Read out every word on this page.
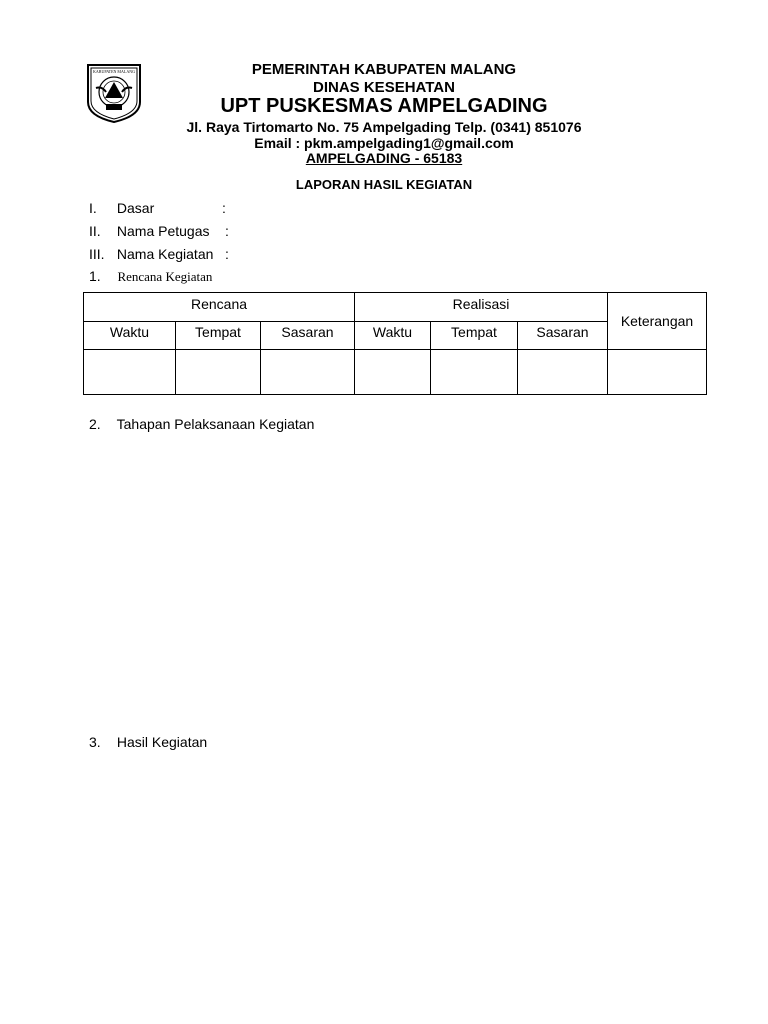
KABUPATEN MALANG	PEMERINTAH KABUPATEN MALANG
DINAS KESEHATAN
UPT PUSKESMAS AMPELGADING
Jl. Raya Tirtomarto No. 75 Ampelgading Telp. (0341) 851076
Email : pkm.ampelgading1@gmail.com
AMPELGADING - 65183
LAPORAN HASIL KEGIATAN
I. Dasar	:
II. Nama Petugas :
III. Nama Kegiatan :
1. Rencana Kegiatan
Rencana			Realisasi			Keterangan
Waktu	Tempat	Sasaran	Waktu	Tempat	Sasaran	

2. Tahapan Pelaksanaan Kegiatan
3. Hasil Kegiatan
